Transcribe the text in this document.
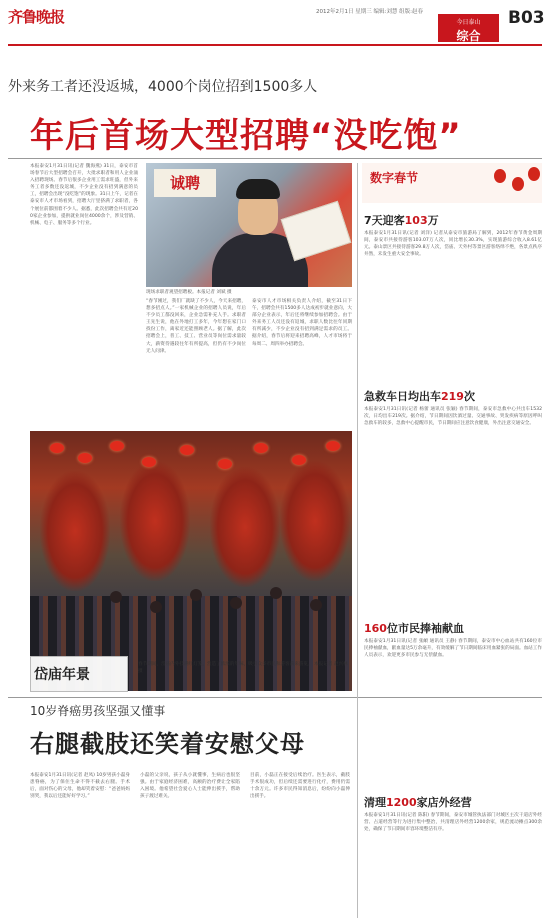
齐鲁晚报	2012年2月1日 星期三 编辑:刘慧 组版:赵春
今日泰山
综合
B03
外来务工者还没返城，4000个岗位招到1500多人
年后首场大型招聘“没吃饱”
本报泰安1月31日讯(记者 魏海燕) 31日，泰安市首场春节后大型招聘会召开，大批求职者和用人企业涌入招聘现场。春节后很多企业用工需求旺盛，但外来务工者多数还没返城，不少企业没有招到满意的员工，招聘会出现“没吃饱”的现象。31日上午，记者在泰安市人才市场看到，招聘大厅里挤满了求职者，各个展位前都围着不少人。据悉，此次招聘会共有近200家企业参加，提供就业岗位4000余个，涉及营销、机械、电子、服务等多个行业。
诚聘
现场求职者观望招聘板。本报记者 刘斌 摄
“春节刚过，我们厂就缺了不少人，今天来招聘，想多招点人。”一家机械企业的招聘人员说，年后不少员工都没回来，企业急需补充人手。求职者王先生说，他在外地打工多年，今年想在家门口找份工作，离家近还能照顾老人。据了解，此次招聘会上，普工、技工、营业员等岗位需求量较大，薪资待遇较往年有所提高，但仍有不少岗位无人问津。
泰安市人才市场相关负责人介绍，截至31日下午，招聘会共有1500多人达成初步就业意向，大部分企业表示，年后还将继续参加招聘会。由于外来务工人员还没有返城，求职人数比往年同期有所减少，不少企业没有招到满足需求的员工。据介绍，春节后将迎来招聘高峰，人才市场将于每周二、周四举办招聘会。
岱庙年景
春节期间，岱庙内外挂满红灯笼，营造了浓浓的年味，吸引众多市民和游客前来游览。 本报记者 赵兴林 摄
10岁脊癌男孩坚强又懂事
右腿截肢还笑着安慰父母
本报泰安1月31日讯(记者 赵凤) 10岁男孩小磊身患脊癌，为了保住生命不得不截去右腿。手术后，面对伤心的父母，他却笑着安慰：“爸爸妈妈别哭，我以后还能好好学习。”
小磊的父亲说，孩子从小就懂事，生病后也很坚强。由于家庭经济困难，高额的治疗费让全家陷入困境。他希望社会爱心人士能伸出援手，帮助孩子渡过难关。
目前，小磊正在接受后续治疗。医生表示，截肢手术很成功，但后续还需要进行化疗，费用仍需十余万元。许多市民得知消息后，纷纷向小磊伸出援手。
数字春节
7天迎客103万
本报泰安1月31日讯(记者 刘洋) 记者从泰安市旅游局了解到，2012年春节黄金周期间，泰安市共接待游客103.07万人次，同比增长30.3%，实现旅游综合收入8.61亿元。泰山景区共接待游客29.8万人次，岱庙、天外村等景区游客络绎不绝，各景点秩序井然，未发生重大安全事故。
急救车日均出车219次
本报泰安1月31日讯(记者 杨蕾 通讯员 张颖) 春节期间，泰安市急救中心共出车1532次，日均出车219次。据介绍，节日期间因饮酒过量、交通事故、突发疾病等原因呼叫急救车的较多，急救中心提醒市民，节日期间应注意饮食健康，外出注意交通安全。
160位市民捧袖献血
本报泰安1月31日讯(记者 张頔 通讯员 王静) 春节期间，泰安市中心血站共有160位市民捧袖献血，献血量达5万余毫升，有效缓解了节日期间临床用血紧张的局面。血站工作人员表示，欢迎更多市民参与无偿献血。
清理1200家店外经营
本报泰安1月31日讯(记者 陈阳) 春节期间，泰安市城管执法部门对城区主次干道店外经营、占道经营等行为进行集中整治，共清理店外经营1200余家，规范流动摊点300余处，确保了节日期间市容环境整洁有序。
